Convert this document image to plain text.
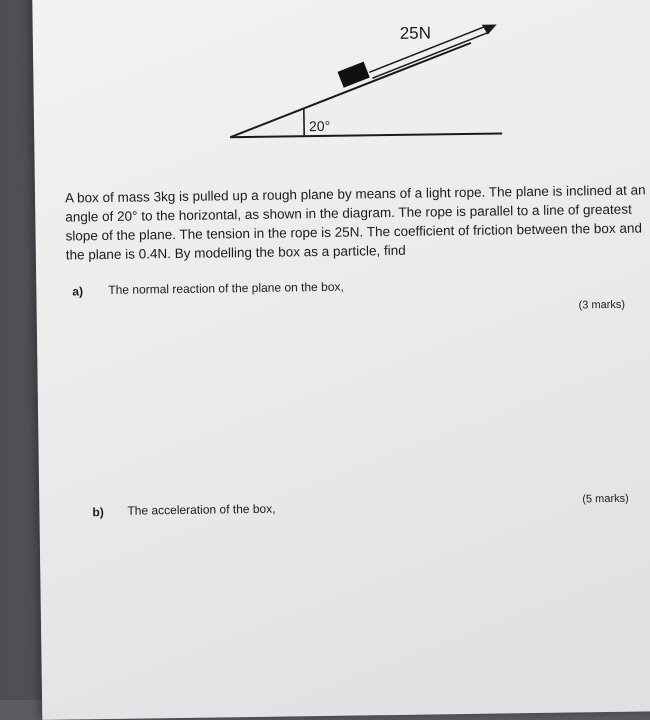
25N
20°
A box of mass 3kg is pulled up a rough plane by means of a light rope. The plane is inclined at an
angle of 20° to the horizontal, as shown in the diagram. The rope is parallel to a line of greatest
slope of the plane. The tension in the rope is 25N. The coefficient of friction between the box and
the plane is 0.4N. By modelling the box as a particle, find
a) The normal reaction of the plane on the box,
(3 marks)
b) The acceleration of the box,
(5 marks)
